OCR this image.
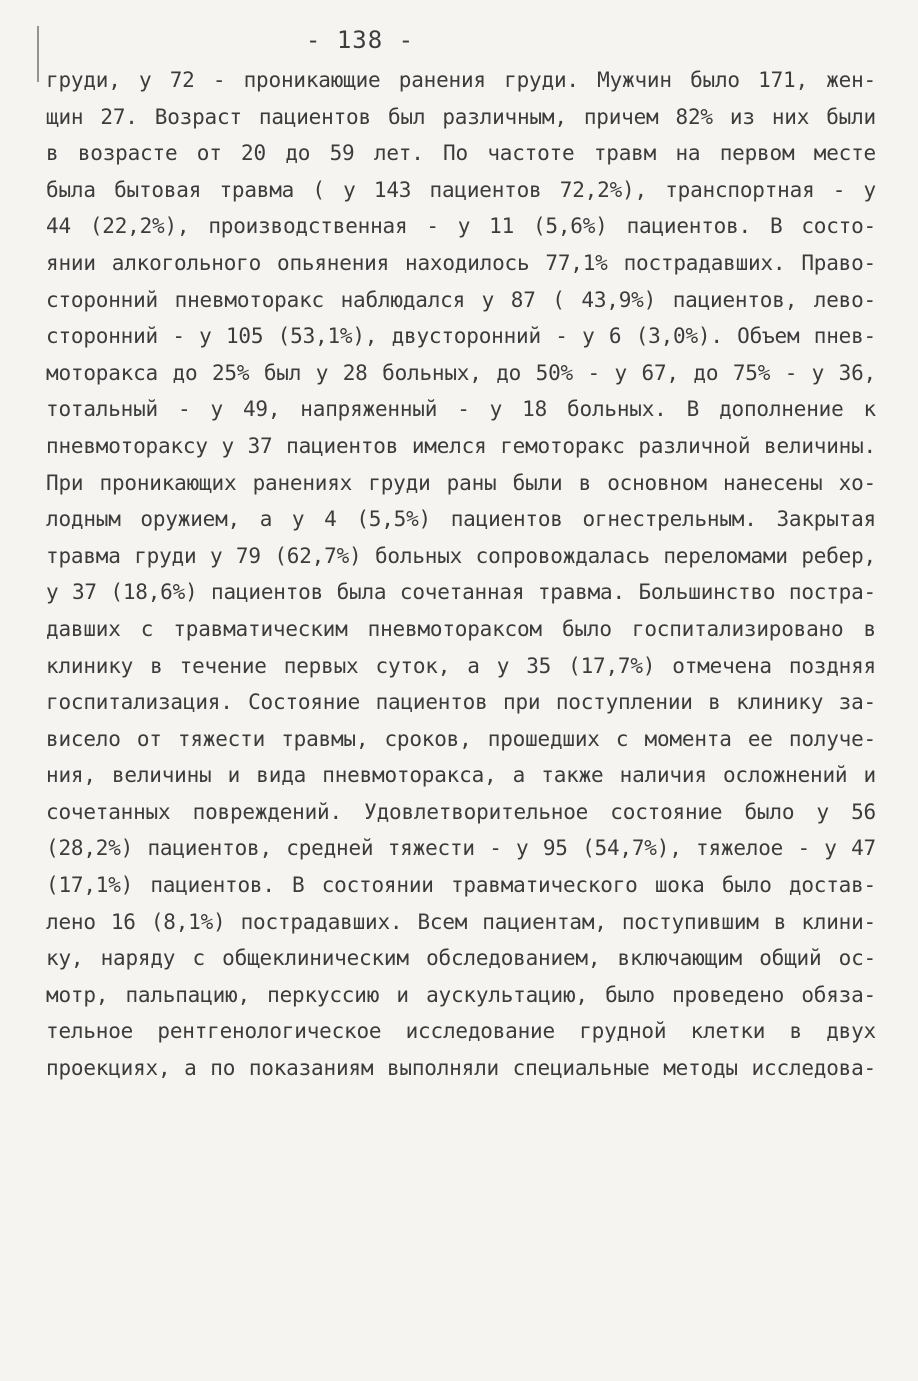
- 138 -
груди, у 72 - проникающие ранения груди. Мужчин было 171, жен-
щин 27. Возраст пациентов был различным, причем 82% из них были
в возрасте от 20 до 59 лет. По частоте травм на первом месте
была бытовая травма ( у 143 пациентов 72,2%), транспортная - у
44 (22,2%), производственная - у 11 (5,6%) пациентов. В состо-
янии алкогольного опьянения находилось 77,1% пострадавших. Право-
сторонний пневмоторакс наблюдался у 87 ( 43,9%) пациентов, лево-
сторонний - у 105 (53,1%), двусторонний - у 6 (3,0%). Объем пнев-
моторакса до 25% был у 28 больных, до 50% - у 67, до 75% - у 36,
тотальный - у 49, напряженный - у 18 больных. В дополнение к
пневмотораксу у 37 пациентов имелся гемоторакс различной величины.
При проникающих ранениях груди раны были в основном нанесены хо-
лодным оружием, а у 4 (5,5%) пациентов огнестрельным. Закрытая
травма груди у 79 (62,7%) больных сопровождалась переломами ребер,
у 37 (18,6%) пациентов была сочетанная травма. Большинство постра-
давших с травматическим пневмотораксом было госпитализировано в
клинику в течение первых суток, а у 35 (17,7%) отмечена поздняя
госпитализация. Состояние пациентов при поступлении в клинику за-
висело от тяжести травмы, сроков, прошедших с момента ее получе-
ния, величины и вида пневмоторакса, а также наличия осложнений и
сочетанных повреждений. Удовлетворительное состояние было у 56
(28,2%) пациентов, средней тяжести - у 95 (54,7%), тяжелое - у 47
(17,1%) пациентов. В состоянии травматического шока было достав-
лено 16 (8,1%) пострадавших. Всем пациентам, поступившим в клини-
ку, наряду с общеклиническим обследованием, включающим общий ос-
мотр, пальпацию, перкуссию и аускультацию, было проведено обяза-
тельное рентгенологическое исследование грудной клетки в двух
проекциях, а по показаниям выполняли специальные методы исследова-
